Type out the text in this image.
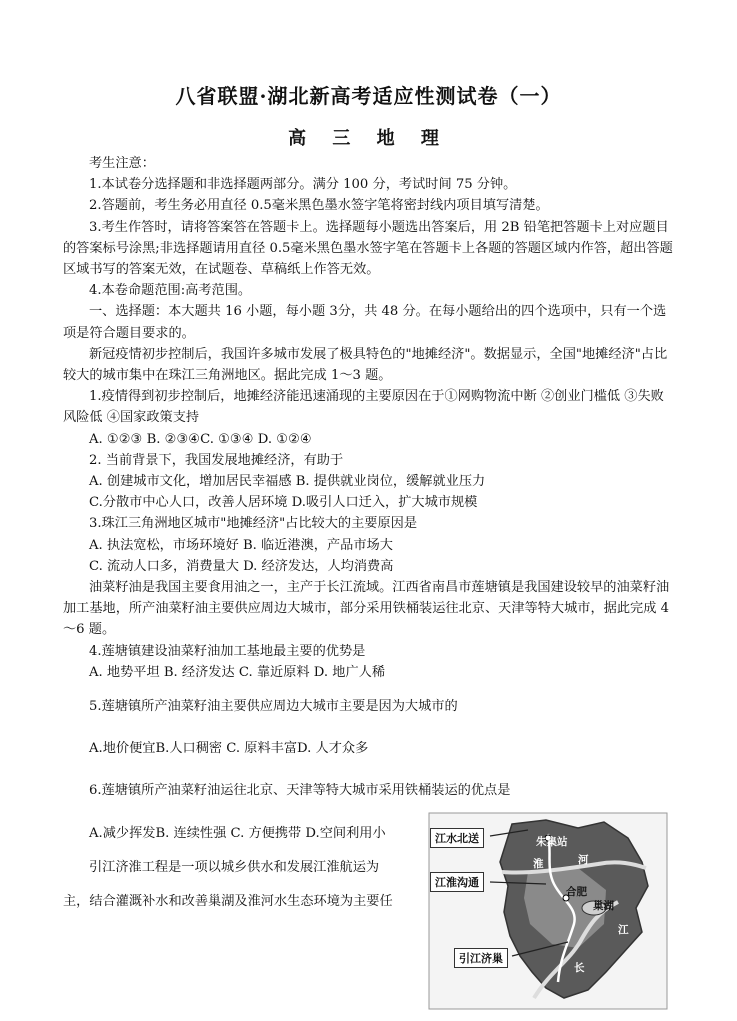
八省联盟·湖北新高考适应性测试卷（一）
高 三 地 理

考生注意：

1.本试卷分选择题和非选择题两部分。满分 100 分，考试时间 75 分钟。

2.答题前，考生务必用直径 0.5毫米黑色墨水签字笔将密封线内项目填写清楚。

3.考生作答时，请将答案答在答题卡上。选择题每小题选出答案后，用 2B 铅笔把答题卡上对应题目的答案标号涂黑;非选择题请用直径 0.5毫米黑色墨水签字笔在答题卡上各题的答题区域内作答，超出答题区域书写的答案无效，在试题卷、草稿纸上作答无效。

4.本卷命题范围:高考范围。

一、选择题：本大题共 16 小题，每小题 3分，共 48 分。在每小题给出的四个选项中，只有一个选项是符合题目要求的。

新冠疫情初步控制后，我国许多城市发展了极具特色的"地摊经济"。数据显示，全国"地摊经济"占比较大的城市集中在珠江三角洲地区。据此完成 1～3 题。

1.疫情得到初步控制后，地摊经济能迅速涌现的主要原因在于①网购物流中断 ②创业门槛低 ③失败风险低 ④国家政策支持

A. ①②③ B. ②③④C. ①③④ D. ①②④

2. 当前背景下，我国发展地摊经济，有助于

A. 创建城市文化，增加居民幸福感 B. 提供就业岗位，缓解就业压力

C.分散市中心人口，改善人居环境 D.吸引人口迁入，扩大城市规模

3.珠江三角洲地区城市"地摊经济"占比较大的主要原因是

A. 执法宽松，市场环境好 B. 临近港澳，产品市场大

C. 流动人口多，消费量大 D. 经济发达，人均消费高

油菜籽油是我国主要食用油之一，主产于长江流域。江西省南昌市莲塘镇是我国建设较早的油菜籽油加工基地，所产油菜籽油主要供应周边大城市，部分采用铁桶装运往北京、天津等特大城市，据此完成 4～6 题。

4.莲塘镇建设油菜籽油加工基地最主要的优势是

A. 地势平坦 B. 经济发达 C. 靠近原料 D. 地广人稀

5.莲塘镇所产油菜籽油主要供应周边大城市主要是因为大城市的

A.地价便宜B.人口稠密 C. 原料丰富D. 人才众多

6.莲塘镇所产油菜籽油运往北京、天津等特大城市采用铁桶装运的优点是

A.减少挥发B. 连续性强 C. 方便携带 D.空间利用小

引江济淮工程是一项以城乡供水和发展江淮航运为

主，结合灌溉补水和改善巢湖及淮河水生态环境为主要任

江水北送
江淮沟通
引江济巢
朱集站
淮	河
合肥
巢湖
江
长
